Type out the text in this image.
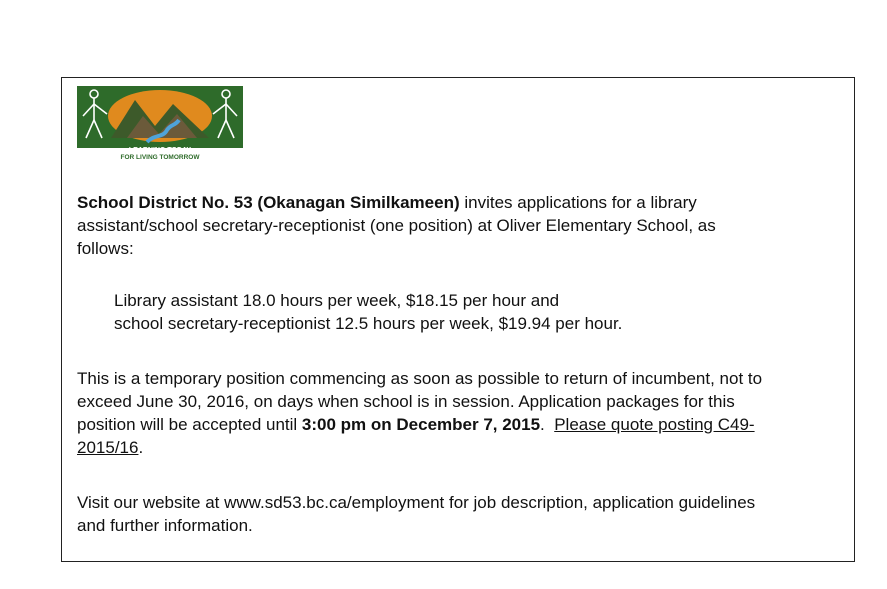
LEARNING TODAY
FOR LIVING TOMORROW
School District No. 53 (Okanagan Similkameen) invites applications for a library
assistant/school secretary-receptionist (one position) at Oliver Elementary School, as
follows:
Library assistant 18.0 hours per week, $18.15 per hour and
school secretary-receptionist 12.5 hours per week, $19.94 per hour.
This is a temporary position commencing as soon as possible to return of incumbent, not to
exceed June 30, 2016, on days when school is in session. Application packages for this
position will be accepted until 3:00 pm on December 7, 2015.  Please quote posting C49-
2015/16.
Visit our website at www.sd53.bc.ca/employment for job description, application guidelines
and further information.
